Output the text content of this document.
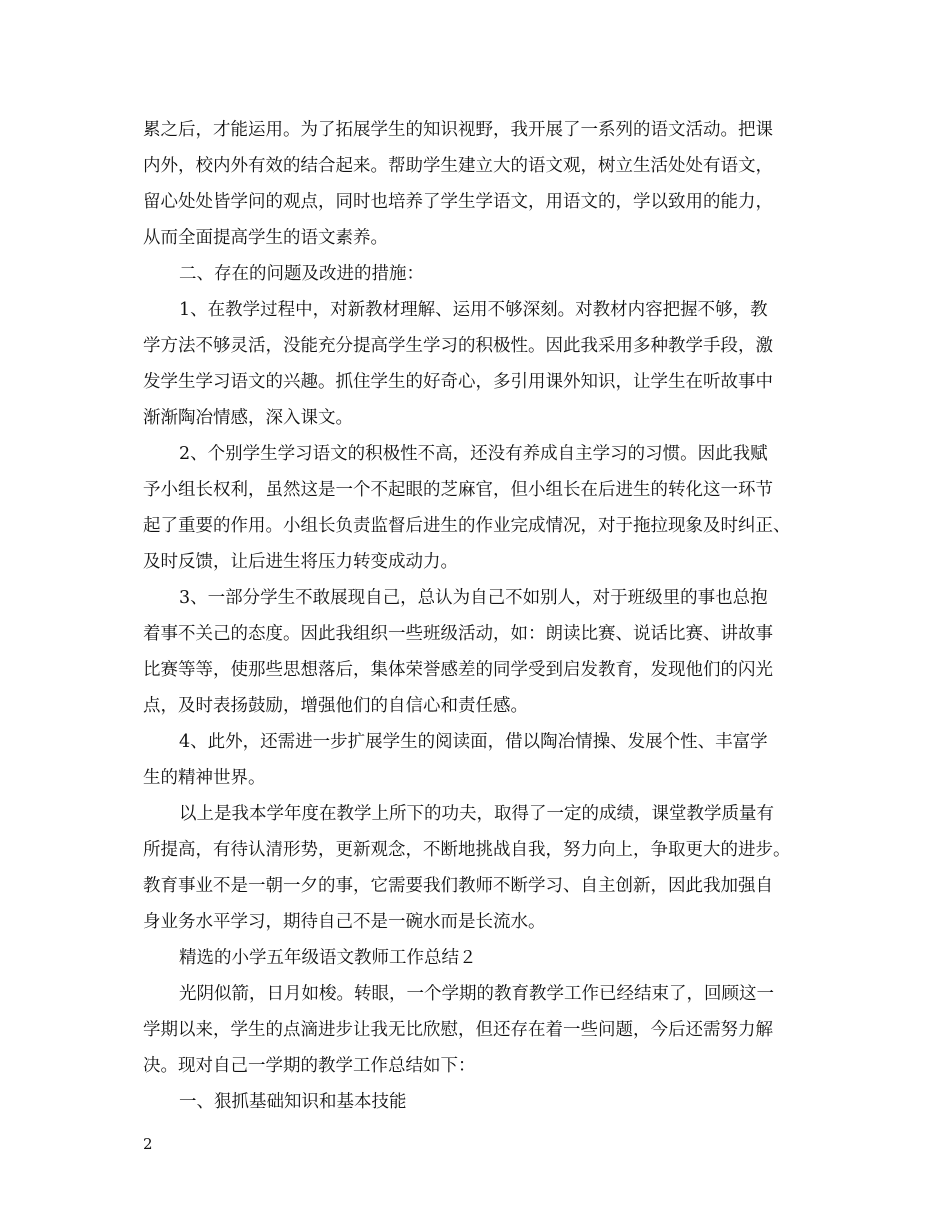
累之后，才能运用。为了拓展学生的知识视野，我开展了一系列的语文活动。把课
内外，校内外有效的结合起来。帮助学生建立大的语文观，树立生活处处有语文，
留心处处皆学问的观点，同时也培养了学生学语文，用语文的，学以致用的能力，
从而全面提高学生的语文素养。
二、存在的问题及改进的措施：
1、在教学过程中，对新教材理解、运用不够深刻。对教材内容把握不够，教
学方法不够灵活，没能充分提高学生学习的积极性。因此我采用多种教学手段，激
发学生学习语文的兴趣。抓住学生的好奇心，多引用课外知识，让学生在听故事中
渐渐陶冶情感，深入课文。
2、个别学生学习语文的积极性不高，还没有养成自主学习的习惯。因此我赋
予小组长权利，虽然这是一个不起眼的芝麻官，但小组长在后进生的转化这一环节
起了重要的作用。小组长负责监督后进生的作业完成情况，对于拖拉现象及时纠正、
及时反馈，让后进生将压力转变成动力。
3、一部分学生不敢展现自己，总认为自己不如别人，对于班级里的事也总抱
着事不关己的态度。因此我组织一些班级活动，如：朗读比赛、说话比赛、讲故事
比赛等等，使那些思想落后，集体荣誉感差的同学受到启发教育，发现他们的闪光
点，及时表扬鼓励，增强他们的自信心和责任感。
4、此外，还需进一步扩展学生的阅读面，借以陶冶情操、发展个性、丰富学
生的精神世界。
以上是我本学年度在教学上所下的功夫，取得了一定的成绩，课堂教学质量有
所提高，有待认清形势，更新观念，不断地挑战自我，努力向上，争取更大的进步。
教育事业不是一朝一夕的事，它需要我们教师不断学习、自主创新，因此我加强自
身业务水平学习，期待自己不是一碗水而是长流水。
精选的小学五年级语文教师工作总结２
光阴似箭，日月如梭。转眼，一个学期的教育教学工作已经结束了，回顾这一
学期以来，学生的点滴进步让我无比欣慰，但还存在着一些问题，今后还需努力解
决。现对自己一学期的教学工作总结如下：
一、狠抓基础知识和基本技能
2
